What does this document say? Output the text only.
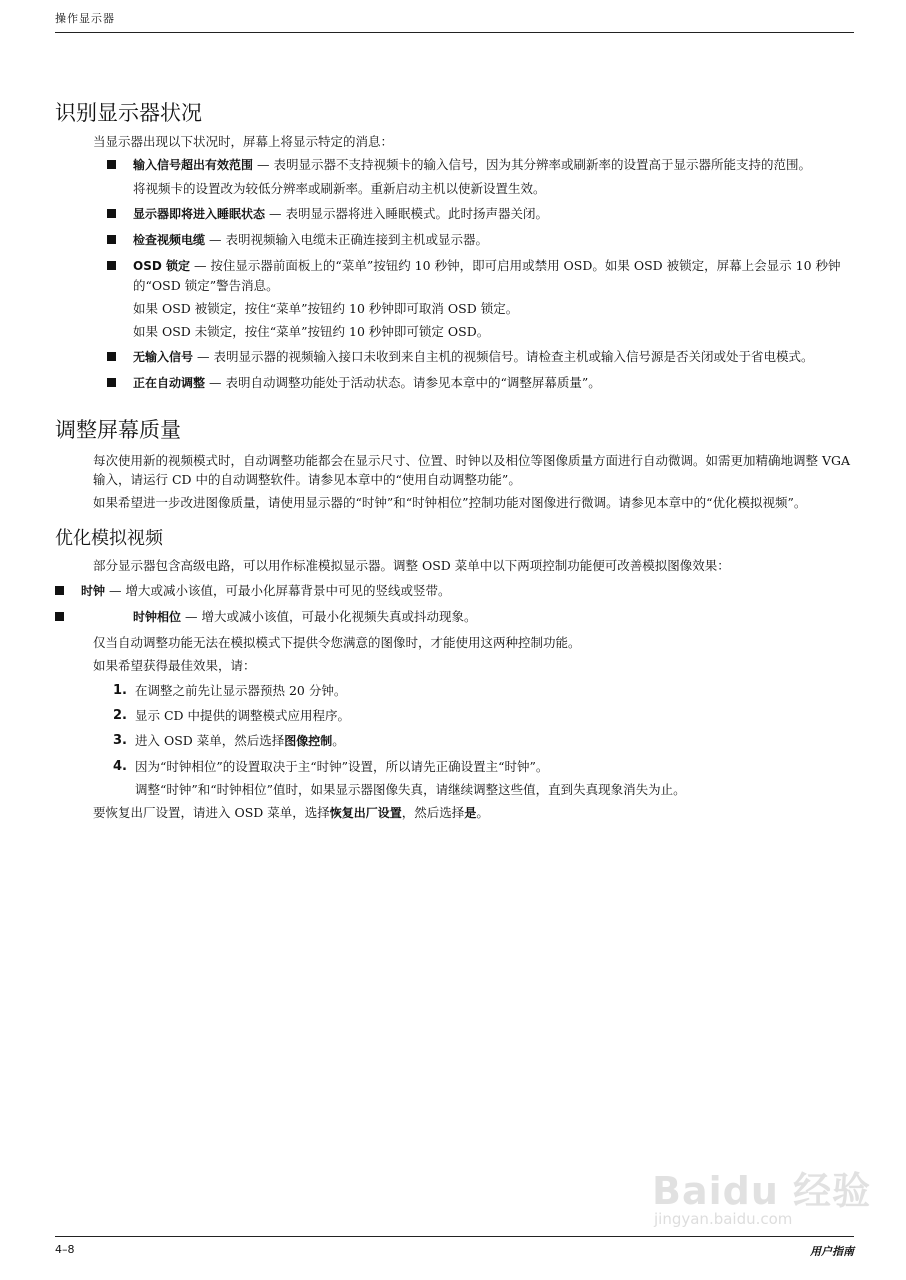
操作显示器
识别显示器状况

当显示器出现以下状况时，屏幕上将显示特定的消息：

输入信号超出有效范围 — 表明显示器不支持视频卡的输入信号，因为其分辨率或刷新率的设置高于显示器所能支持的范围。

将视频卡的设置改为较低分辨率或刷新率。重新启动主机以使新设置生效。

显示器即将进入睡眠状态 — 表明显示器将进入睡眠模式。此时扬声器关闭。
检查视频电缆 — 表明视频输入电缆未正确连接到主机或显示器。
OSD 锁定 — 按住显示器前面板上的“菜单”按钮约 10 秒钟，即可启用或禁用 OSD。如果 OSD 被锁定，屏幕上会显示 10 秒钟的“OSD 锁定”警告消息。

如果 OSD 被锁定，按住“菜单”按钮约 10 秒钟即可取消 OSD 锁定。

如果 OSD 未锁定，按住“菜单”按钮约 10 秒钟即可锁定 OSD。

无输入信号 — 表明显示器的视频输入接口未收到来自主机的视频信号。请检查主机或输入信号源是否关闭或处于省电模式。
正在自动调整 — 表明自动调整功能处于活动状态。请参见本章中的“调整屏幕质量”。
调整屏幕质量

每次使用新的视频模式时，自动调整功能都会在显示尺寸、位置、时钟以及相位等图像质量方面进行自动微调。如需更加精确地调整 VGA 输入，请运行 CD 中的自动调整软件。请参见本章中的“使用自动调整功能”。

如果希望进一步改进图像质量，请使用显示器的“时钟”和“时钟相位”控制功能对图像进行微调。请参见本章中的“优化模拟视频”。

优化模拟视频

部分显示器包含高级电路，可以用作标准模拟显示器。调整 OSD 菜单中以下两项控制功能便可改善模拟图像效果：

时钟 — 增大或减小该值，可最小化屏幕背景中可见的竖线或竖带。
时钟相位 — 增大或减小该值，可最小化视频失真或抖动现象。

仅当自动调整功能无法在模拟模式下提供令您满意的图像时，才能使用这两种控制功能。

如果希望获得最佳效果，请：

1. 在调整之前先让显示器预热 20 分钟。
2. 显示 CD 中提供的调整模式应用程序。
3. 进入 OSD 菜单，然后选择图像控制。
4. 因为“时钟相位”的设置取决于主“时钟”设置，所以请先正确设置主“时钟”。

调整“时钟”和“时钟相位”值时，如果显示器图像失真，请继续调整这些值，直到失真现象消失为止。

要恢复出厂设置，请进入 OSD 菜单，选择恢复出厂设置，然后选择是。

Baidu 经验
jingyan.baidu.com
4–8	用户指南
